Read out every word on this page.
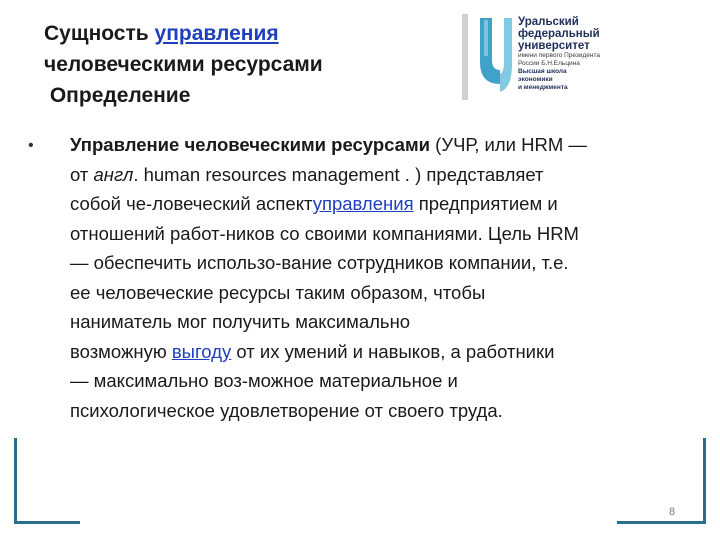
Сущность управления
человеческими ресурсами
Определение
Уральский
федеральный
университет
имени первого Президента
России Б.Н.Ельцина
Высшая школа
экономики
и менеджмента
•	Управление человеческими ресурсами (УЧР, или HRM —
от англ. human resources management . ) представляет
собой че-ловеческий аспектуправления предприятием и
отношений работ-ников со своими компаниями. Цель HRM
— обеспечить использо-вание сотрудников компании, т.е.
ее человеческие ресурсы таким образом, чтобы
наниматель мог получить максимально
возможную выгоду от их умений и навыков, а работники
— максимально воз-можное материальное и
психологическое удовлетворение от своего труда.
8
